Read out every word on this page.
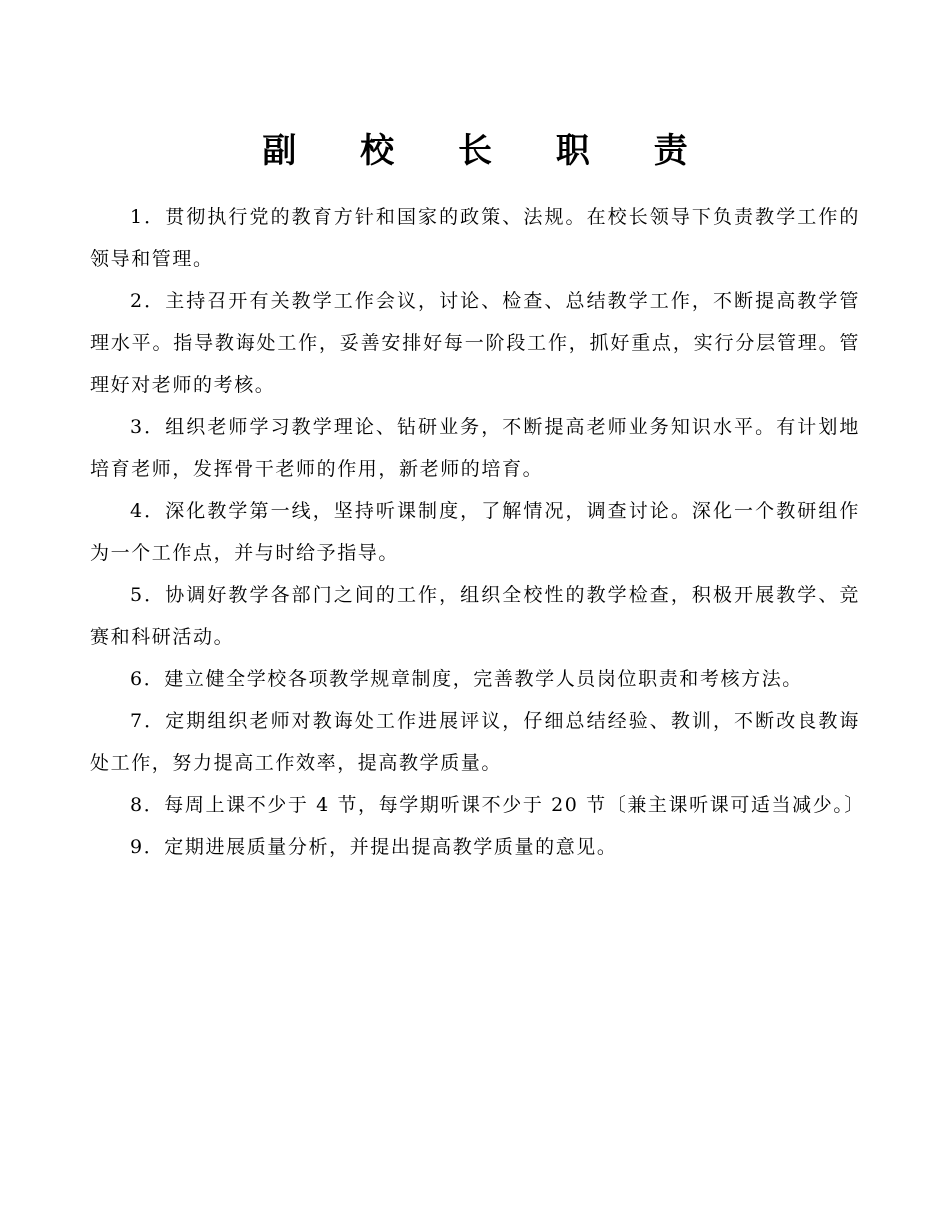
副 校 长 职 责

1．贯彻执行党的教育方针和国家的政策、法规。在校长领导下负责教学工作的领导和管理。

2．主持召开有关教学工作会议，讨论、检查、总结教学工作，不断提高教学管理水平。指导教诲处工作，妥善安排好每一阶段工作，抓好重点，实行分层管理。管理好对老师的考核。

3．组织老师学习教学理论、钻研业务，不断提高老师业务知识水平。有计划地培育老师，发挥骨干老师的作用，新老师的培育。

4．深化教学第一线，坚持听课制度，了解情况，调查讨论。深化一个教研组作为一个工作点，并与时给予指导。

5．协调好教学各部门之间的工作，组织全校性的教学检查，积极开展教学、竞赛和科研活动。

6．建立健全学校各项教学规章制度，完善教学人员岗位职责和考核方法。

7．定期组织老师对教诲处工作进展评议，仔细总结经验、教训，不断改良教诲处工作，努力提高工作效率，提高教学质量。

8．每周上课不少于 4 节，每学期听课不少于 20 节〔兼主课听课可适当减少。〕

9．定期进展质量分析，并提出提高教学质量的意见。
